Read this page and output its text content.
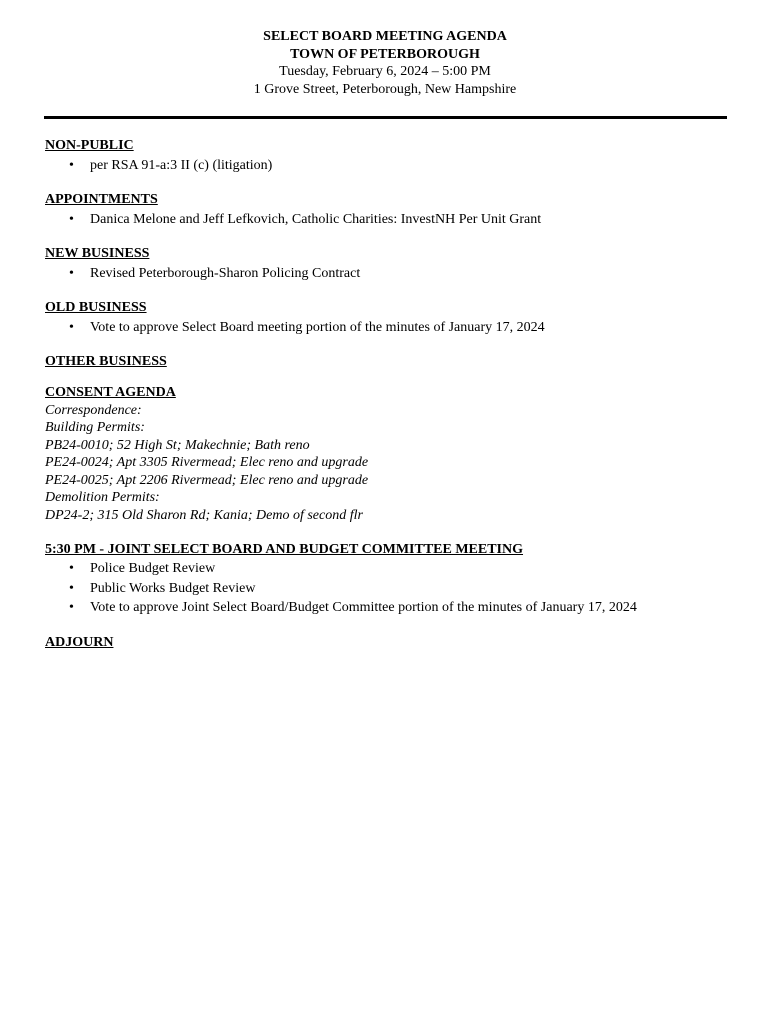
SELECT BOARD MEETING AGENDA
TOWN OF PETERBOROUGH
Tuesday, February 6, 2024 – 5:00 PM
1 Grove Street, Peterborough, New Hampshire
NON-PUBLIC
• per RSA 91-a:3 II (c) (litigation)
APPOINTMENTS
• Danica Melone and Jeff Lefkovich, Catholic Charities: InvestNH Per Unit Grant
NEW BUSINESS
• Revised Peterborough-Sharon Policing Contract
OLD BUSINESS
• Vote to approve Select Board meeting portion of the minutes of January 17, 2024
OTHER BUSINESS
CONSENT AGENDA
Correspondence:
Building Permits:
PB24-0010; 52 High St; Makechnie; Bath reno
PE24-0024; Apt 3305 Rivermead; Elec reno and upgrade
PE24-0025; Apt 2206 Rivermead; Elec reno and upgrade
Demolition Permits:
DP24-2; 315 Old Sharon Rd; Kania; Demo of second flr
5:30 PM - JOINT SELECT BOARD AND BUDGET COMMITTEE MEETING
• Police Budget Review
• Public Works Budget Review
• Vote to approve Joint Select Board/Budget Committee portion of the minutes of January 17, 2024
ADJOURN
